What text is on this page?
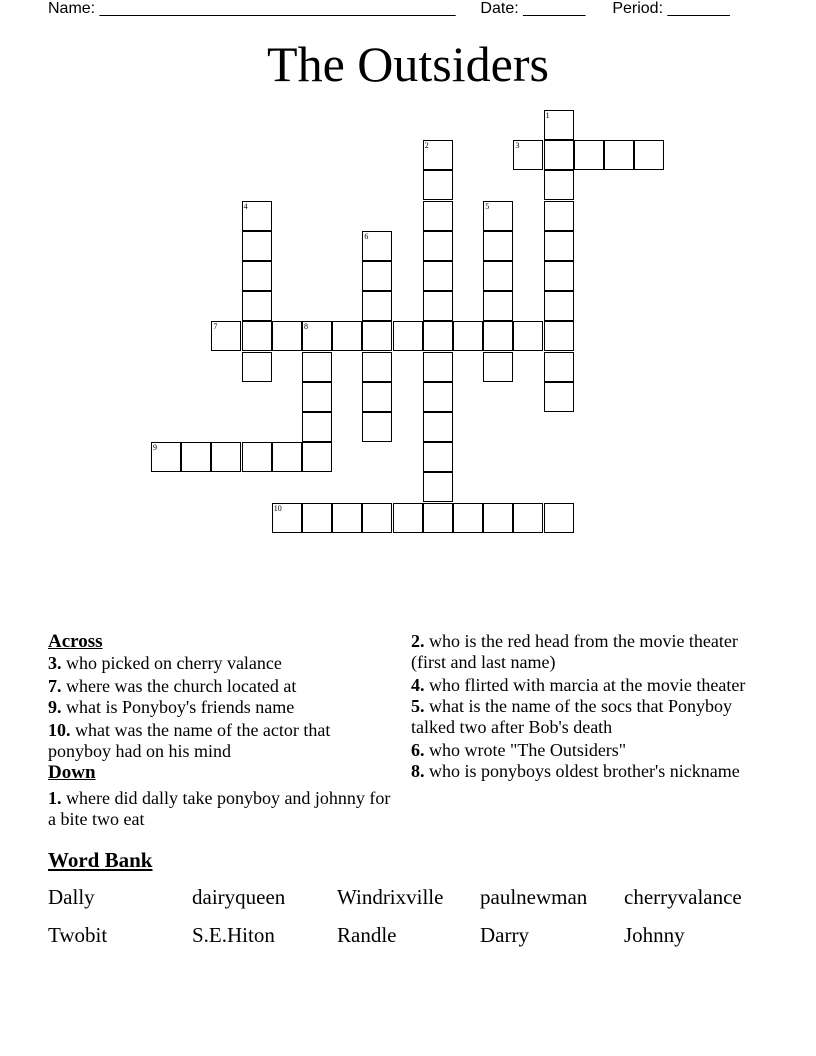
Name: ________________________________________ Date: _______ Period: _______
The Outsiders
1
2	3
4	5
6
7	8
9
10
Across

3. who picked on cherry valance

7. where was the church located at

9. what is Ponyboy's friends name

10. what was the name of the actor that ponyboy had on his mind

Down

1. where did dally take ponyboy and johnny for a bite two eat

2. who is the red head from the movie theater (first and last name)

4. who flirted with marcia at the movie theater

5. what is the name of the socs that Ponyboy talked two after Bob's death

6. who wrote "The Outsiders"

8. who is ponyboys oldest brother's nickname

Word Bank
Dally	dairyqueen Windrixville paulnewman cherryvalance
Twobit	S.E.Hiton	Randle	Darry	Johnny
